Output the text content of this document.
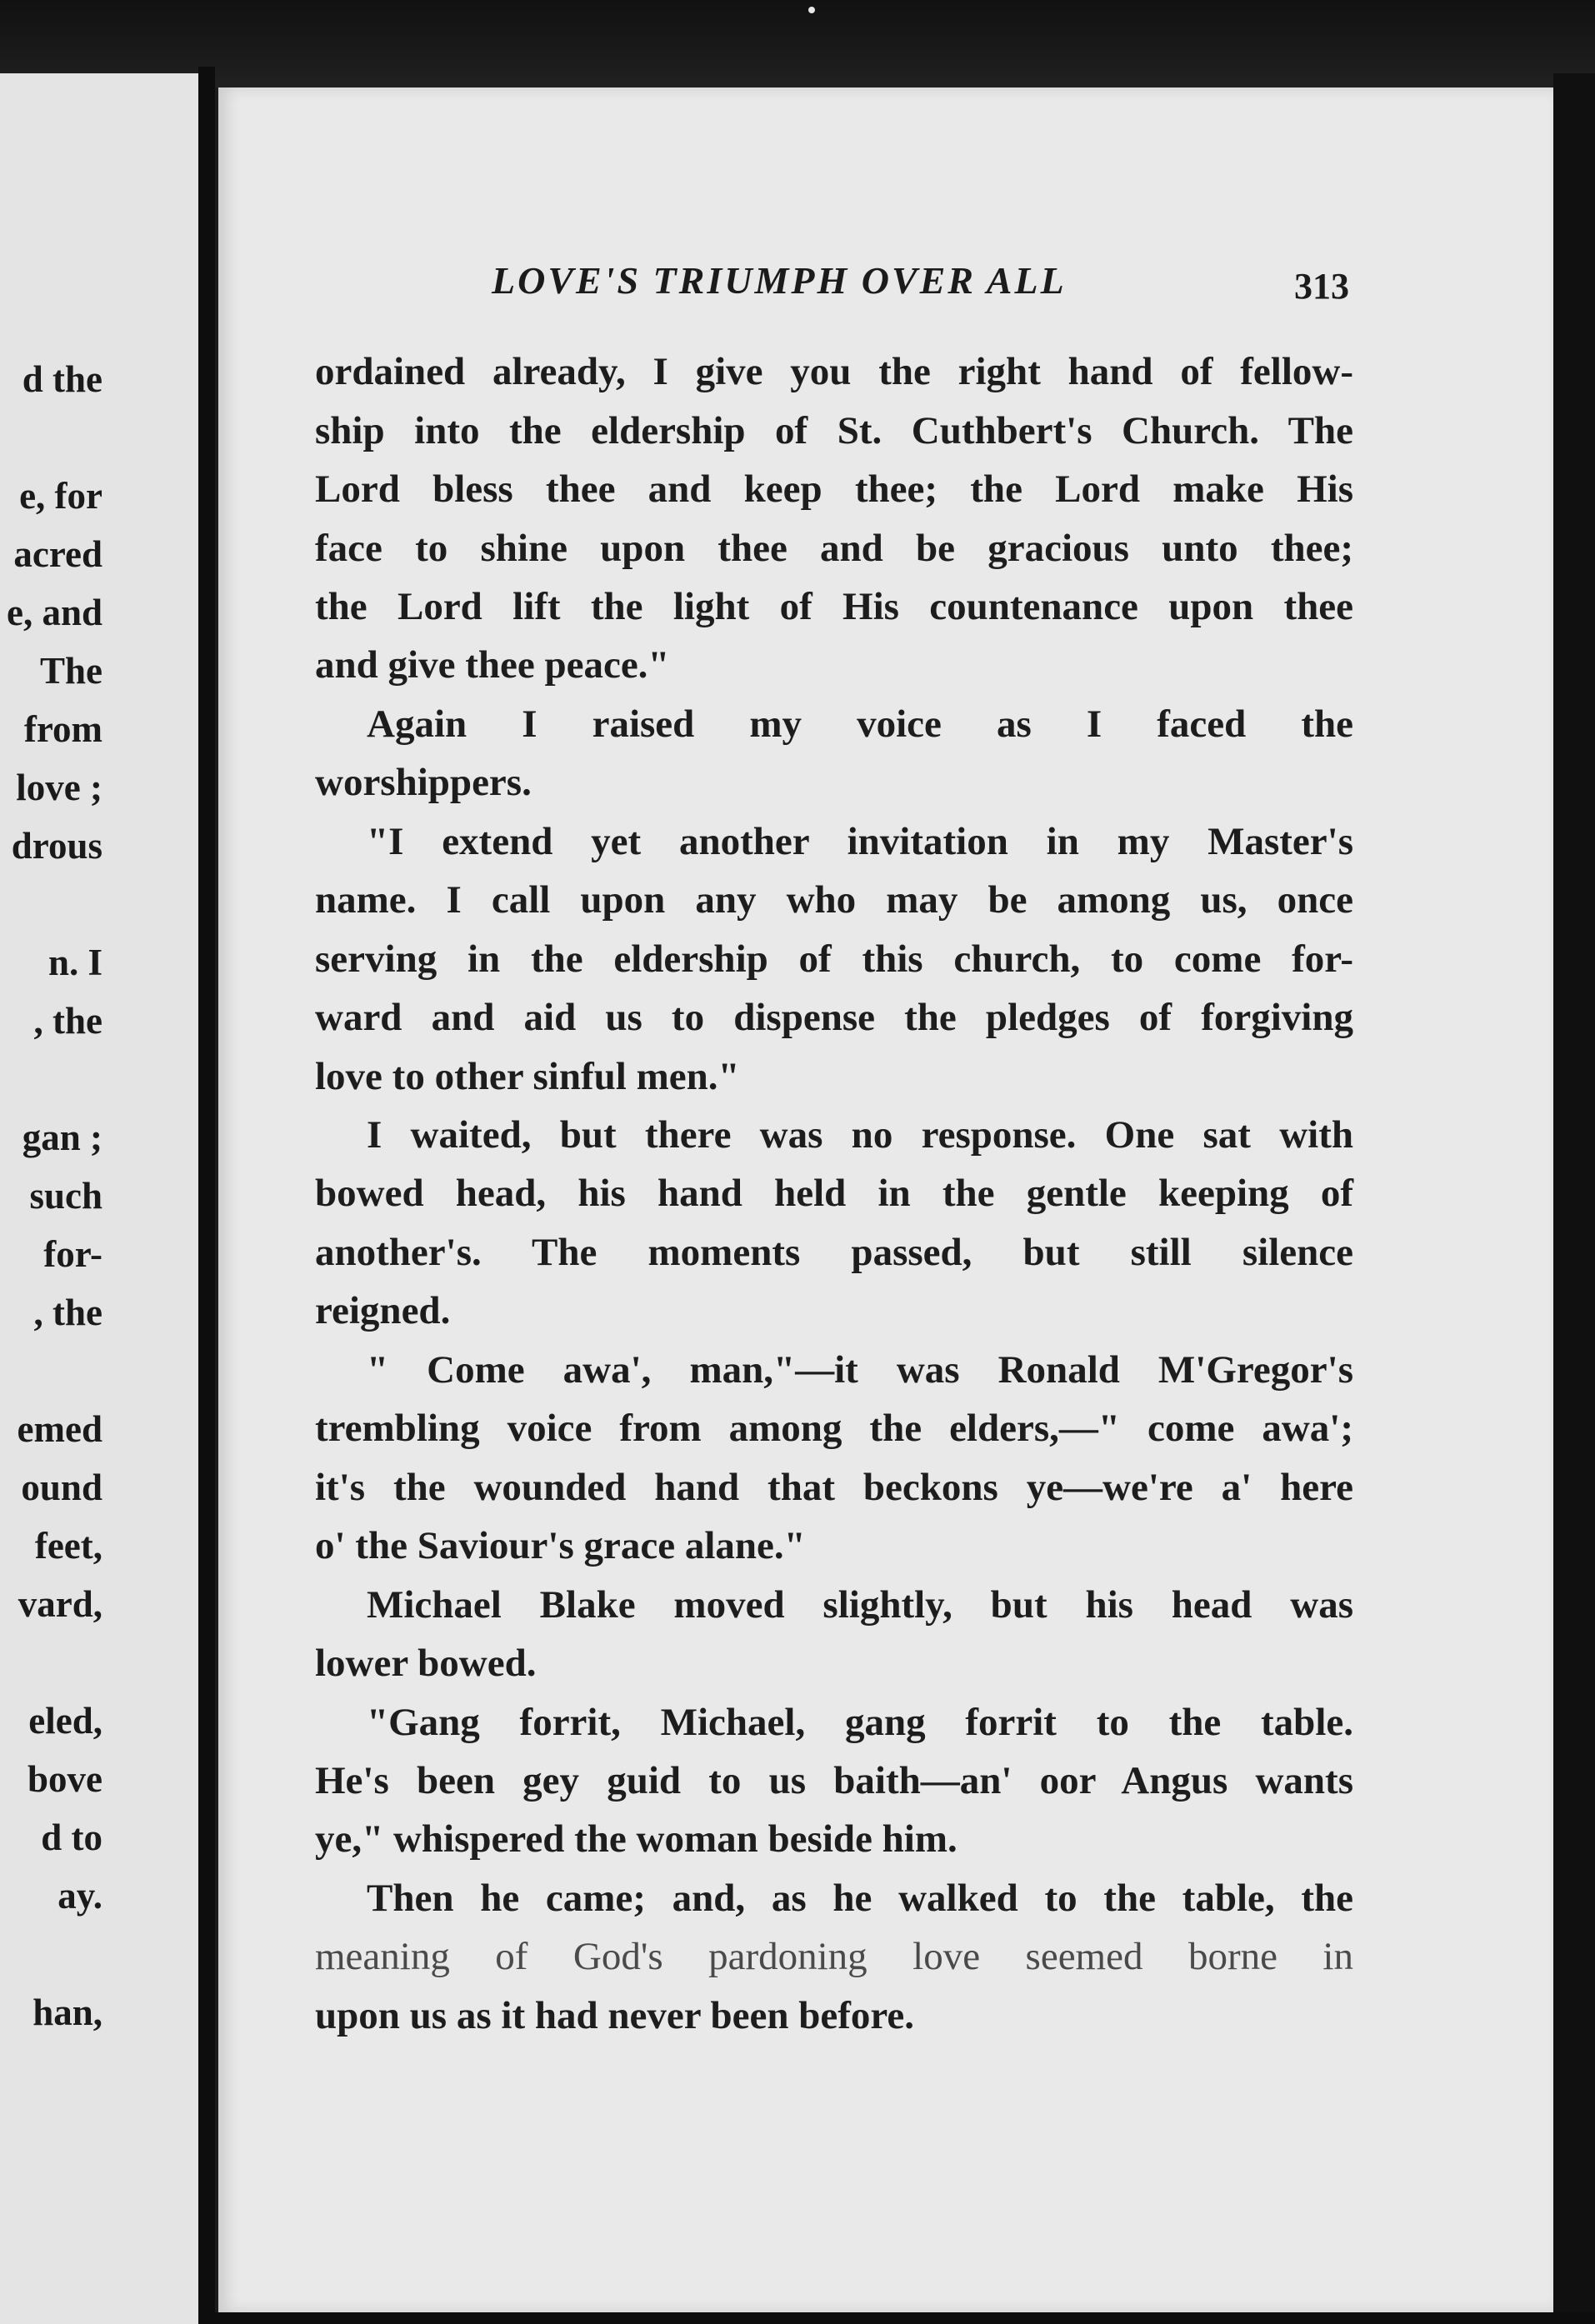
d the
e, for
acred
e, and
The
from
love ;
drous
n. I
, the
gan ;
such
for-
, the
emed
ound
feet,
vard,
eled,
bove
d to
ay.
han,
LOVE'S TRIUMPH OVER ALL	313
ordained already, I give you the right hand of fellow-
ship into the eldership of St. Cuthbert's Church. The
Lord bless thee and keep thee; the Lord make His
face to shine upon thee and be gracious unto thee;
the Lord lift the light of His countenance upon thee
and give thee peace."
Again I raised my voice as I faced the
worshippers.
"I extend yet another invitation in my Master's
name. I call upon any who may be among us, once
serving in the eldership of this church, to come for-
ward and aid us to dispense the pledges of forgiving
love to other sinful men."
I waited, but there was no response. One sat with
bowed head, his hand held in the gentle keeping of
another's. The moments passed, but still silence
reigned.
" Come awa', man,"—it was Ronald M'Gregor's
trembling voice from among the elders,—" come awa';
it's the wounded hand that beckons ye—we're a' here
o' the Saviour's grace alane."
Michael Blake moved slightly, but his head was
lower bowed.
"Gang forrit, Michael, gang forrit to the table.
He's been gey guid to us baith—an' oor Angus wants
ye," whispered the woman beside him.
Then he came; and, as he walked to the table, the
meaning of God's pardoning love seemed borne in
upon us as it had never been before.
